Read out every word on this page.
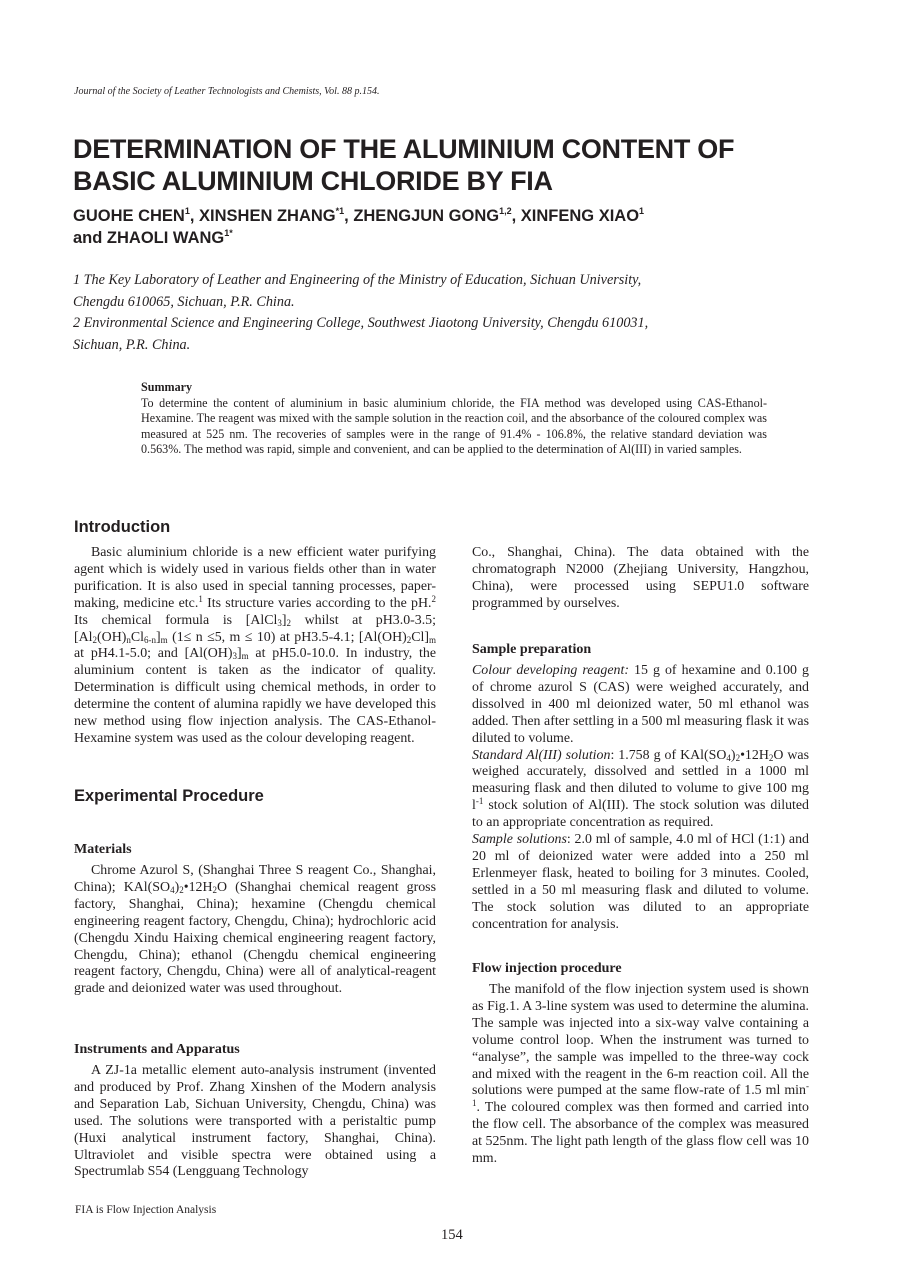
Journal of the Society of Leather Technologists and Chemists, Vol. 88 p.154.
DETERMINATION OF THE ALUMINIUM CONTENT OF
BASIC ALUMINIUM CHLORIDE BY FIA
GUOHE CHEN$^1$, XINSHEN ZHANG$^{*1}$, ZHENGJUN GONG$^{1,2}$, XINFENG XIAO$^1$
and ZHAOLI $WANG^{1*}$
1 The Key Laboratory of Leather and Engineering of the Ministry of Education, Sichuan University,
Chengdu 610065, Sichuan, P.R. China.
2 Environmental Science and Engineering College, Southwest Jiaotong University, Chengdu 610031,
Sichuan, P.R. China.
Summary
To determine the content of aluminium in basic aluminium chloride, the FIA method was developed using CAS-Ethanol-Hexamine. The reagent was mixed with the sample solution in the reaction coil, and the absorbance of the coloured complex was measured at 525 nm. The recoveries of samples were in the range of 91.4% - 106.8%, the relative standard deviation was 0.563%. The method was rapid, simple and convenient, and can be applied to the determination of Al(III) in varied samples.
Introduction

Basic aluminium chloride is a new efficient water purifying agent which is widely used in various fields other than in water purification. It is also used in special tanning processes, paper-making, medicine etc.$^1$ Its structure varies according to the pH.$^2$ Its chemical formula is $[AlCl_3]_2$ whilst at pH3.0-3.5; $[Al_2(OH)_nCl_{6-n}]_m$ (1≤ n ≤5, m ≤ 10) at pH3.5-4.1; $[Al(OH)_2Cl]_m$ at pH4.1-5.0; and $[Al(OH)_3]_m$ at pH5.0-10.0. In industry, the aluminium content is taken as the indicator of quality. Determination is difficult using chemical methods, in order to determine the content of alumina rapidly we have developed this new method using flow injection analysis. The CAS-Ethanol-Hexamine system was used as the colour developing reagent.

Experimental Procedure
Materials

Chrome Azurol S, (Shanghai Three S reagent Co., Shanghai, China); $KAl(SO_4)_2•12H_2O$ (Shanghai chemical reagent gross factory, Shanghai, China); hexamine (Chengdu chemical engineering reagent factory, Chengdu, China); hydrochloric acid (Chengdu Xindu Haixing chemical engineering reagent factory, Chengdu, China); ethanol (Chengdu chemical engineering reagent factory, Chengdu, China) were all of analytical-reagent grade and deionized water was used throughout.

Instruments and Apparatus

A ZJ-1a metallic element auto-analysis instrument (invented and produced by Prof. Zhang Xinshen of the Modern analysis and Separation Lab, Sichuan University, Chengdu, China) was used. The solutions were transported with a peristaltic pump (Huxi analytical instrument factory, Shanghai, China). Ultraviolet and visible spectra were obtained using a Spectrumlab S54 (Lengguang Technology

Co., Shanghai, China). The data obtained with the chromatograph N2000 (Zhejiang University, Hangzhou, China), were processed using SEPU1.0 software programmed by ourselves.

Sample preparation

Colour developing reagent: 15 g of hexamine and 0.100 g of chrome azurol S (CAS) were weighed accurately, and dissolved in 400 ml deionized water, 50 ml ethanol was added. Then after settling in a 500 ml measuring flask it was diluted to volume.

Standard Al(III) solution: 1.758 g of $KAl(SO_4)_2•12H_2O$ was weighed accurately, dissolved and settled in a 1000 ml measuring flask and then diluted to volume to give 100 mg $l^{-1}$ stock solution of Al(III). The stock solution was diluted to an appropriate concentration as required.

Sample solutions: 2.0 ml of sample, 4.0 ml of HCl (1:1) and 20 ml of deionized water were added into a 250 ml Erlenmeyer flask, heated to boiling for 3 minutes. Cooled, settled in a 50 ml measuring flask and diluted to volume. The stock solution was diluted to an appropriate concentration for analysis.

Flow injection procedure

The manifold of the flow injection system used is shown as Fig.1. A 3-line system was used to determine the alumina. The sample was injected into a six-way valve containing a volume control loop. When the instrument was turned to “analyse”, the sample was impelled to the three-way cock and mixed with the reagent in the 6-m reaction coil. All the solutions were pumped at the same flow-rate of 1.5 ml $\min^{-1}$. The coloured complex was then formed and carried into the flow cell. The absorbance of the complex was measured at 525nm. The light path length of the glass flow cell was 10 mm.

FIA is Flow Injection Analysis
154
